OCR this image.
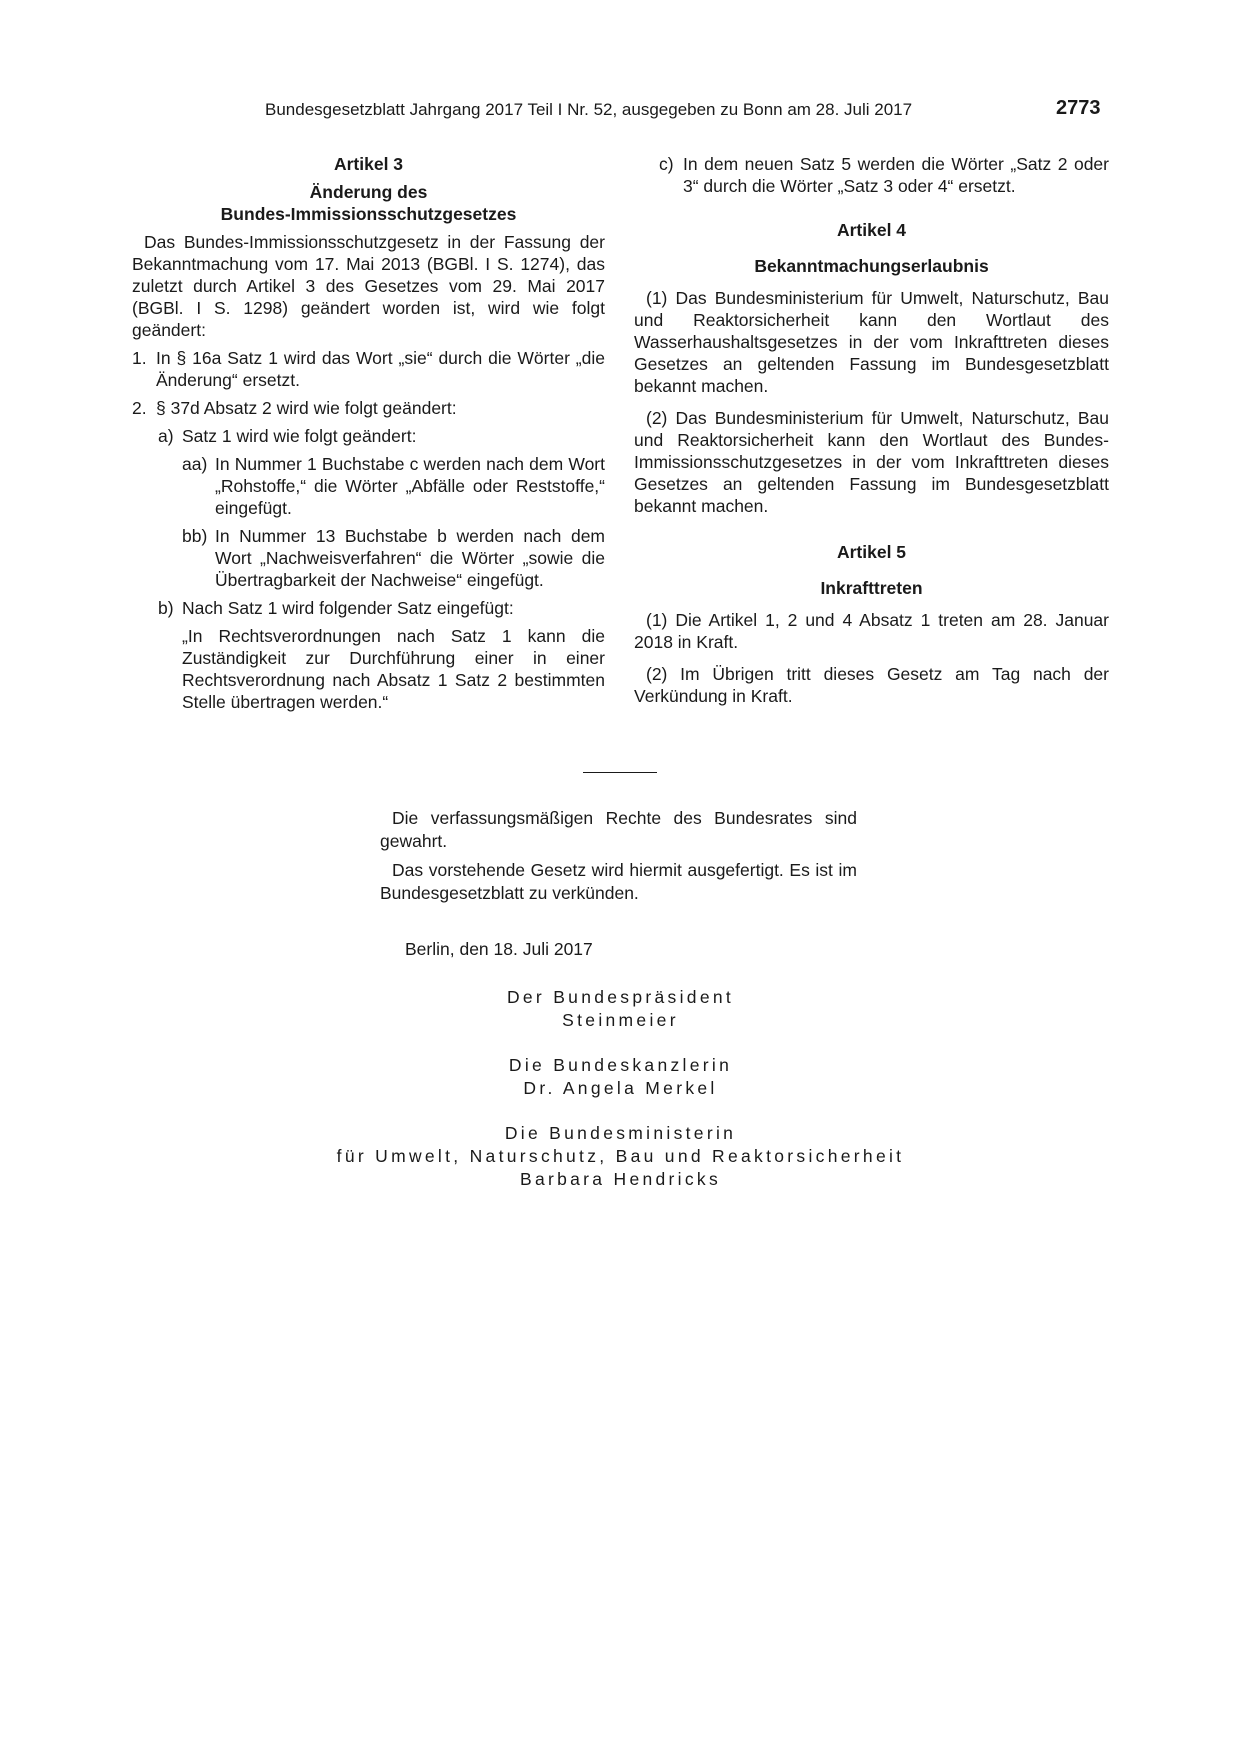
Bundesgesetzblatt Jahrgang 2017 Teil I Nr. 52, ausgegeben zu Bonn am 28. Juli 2017	2773

Artikel 3

Änderung des

Bundes-Immissionsschutzgesetzes

Das Bundes-Immissionsschutzgesetz in der Fassung der Bekanntmachung vom 17. Mai 2013 (BGBl. I S. 1274), das zuletzt durch Artikel 3 des Gesetzes vom 29. Mai 2017 (BGBl. I S. 1298) geändert worden ist, wird wie folgt geändert:

1. In § 16a Satz 1 wird das Wort „sie“ durch die Wörter „die Änderung“ ersetzt.
2. § 37d Absatz 2 wird wie folgt geändert:
a) Satz 1 wird wie folgt geändert:
aa) In Nummer 1 Buchstabe c werden nach dem Wort „Rohstoffe,“ die Wörter „Abfälle oder Reststoffe,“ eingefügt.
bb) In Nummer 13 Buchstabe b werden nach dem Wort „Nachweisverfahren“ die Wörter „sowie die Übertragbarkeit der Nachweise“ eingefügt.
b) Nach Satz 1 wird folgender Satz eingefügt:

„In Rechtsverordnungen nach Satz 1 kann die Zuständigkeit zur Durchführung einer in einer Rechtsverordnung nach Absatz 1 Satz 2 bestimmten Stelle übertragen werden.“

c) In dem neuen Satz 5 werden die Wörter „Satz 2 oder 3“ durch die Wörter „Satz 3 oder 4“ ersetzt.

Artikel 4

Bekanntmachungserlaubnis

(1) Das Bundesministerium für Umwelt, Naturschutz, Bau und Reaktorsicherheit kann den Wortlaut des Wasserhaushaltsgesetzes in der vom Inkrafttreten dieses Gesetzes an geltenden Fassung im Bundesgesetzblatt bekannt machen.

(2) Das Bundesministerium für Umwelt, Naturschutz, Bau und Reaktorsicherheit kann den Wortlaut des Bundes-Immissionsschutzgesetzes in der vom Inkrafttreten dieses Gesetzes an geltenden Fassung im Bundesgesetzblatt bekannt machen.

Artikel 5

Inkrafttreten

(1) Die Artikel 1, 2 und 4 Absatz 1 treten am 28. Januar 2018 in Kraft.

(2) Im Übrigen tritt dieses Gesetz am Tag nach der Verkündung in Kraft.

Die verfassungsmäßigen Rechte des Bundesrates sind gewahrt.

Das vorstehende Gesetz wird hiermit ausgefertigt. Es ist im Bundesgesetzblatt zu verkünden.

Berlin, den 18. Juli 2017

Der Bundespräsident
Steinmeier
Die Bundeskanzlerin
Dr. Angela Merkel
Die Bundesministerin
für Umwelt, Naturschutz, Bau und Reaktorsicherheit
Barbara Hendricks
